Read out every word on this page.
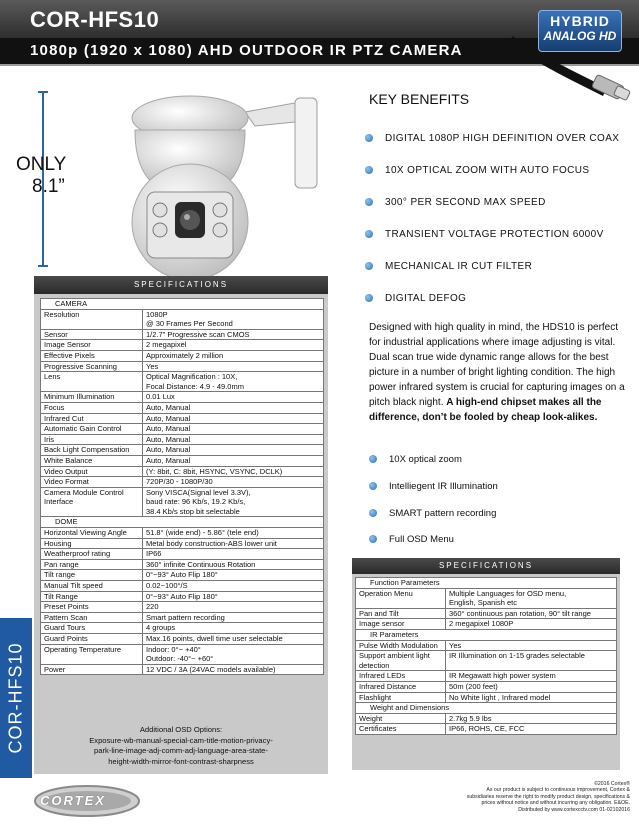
COR-HFS10
1080p (1920 x 1080) AHD OUTDOOR IR PTZ CAMERA
HYBRID
ANALOG HD
ONLY
8.1”
KEY BENEFITS
DIGITAL 1080P HIGH DEFINITION OVER COAX
10X OPTICAL ZOOM WITH AUTO FOCUS
300° PER SECOND MAX SPEED
TRANSIENT VOLTAGE PROTECTION 6000V
MECHANICAL IR CUT FILTER
DIGITAL DEFOG
Designed with high quality in mind, the HDS10 is perfect for industrial applications where image adjusting is vital. Dual scan true wide dynamic range allows for the best picture in a number of bright lighting condition. The high power infrared system is crucial for capturing images on a pitch black night. A high-end chipset makes all the difference, don’t be fooled by cheap look-alikes.
10X optical zoom
Intelliegent IR Illumination
SMART pattern recording
Full OSD Menu
SPECIFICATIONS
CAMERA	
Resolution	1080P
@ 30 Frames Per Second
Sensor	1/2.7" Progressive scan CMOS
Image Sensor	2 megapixel
Effective Pixels	Approximately 2 million
Progressive Scanning	Yes
Lens	Optical Magnification : 10X,
Focal Distance: 4.9 - 49.0mm
Minimum Illumination	0.01 Lux
Focus	Auto, Manual
Infrared Cut	Auto, Manual
Automatic Gain Control	Auto, Manual

Iris	Auto, Manual
Back Light Compensation	Auto, Manual
White Balance	Auto, Manual
Video Output	(Y: 8bit, C: 8bit, HSYNC, VSYNC, DCLK)
Video Format	720P/30 - 1080P/30
Camera Module Control
Interface	Sony VISCA(Signal level 3.3V),
baud rate: 96 Kb/s, 19.2 Kb/s,
38.4 Kb/s stop bit selectable
DOME	
Horizontal Viewing Angle	51.8° (wide end) - 5.86° (tele end)
Housing	Metal body construction-ABS lower unit
Weatherproof rating	IP66
Pan range	360° infinite Continuous Rotation
Tilt range	0°~93° Auto Flip 180°
Manual Tilt speed	0.02~100°/S
Tilt Range	0°~93° Auto Flip 180°
Preset Points	220
Pattern Scan	Smart pattern recording
Guard Tours	4 groups
Guard Points	Max.16 points, dwell time user selectable
Operating Temperature	Indoor: 0°~ +40°
Outdoor: -40°~ +60°
Power	12 VDC / 3A (24VAC models available)
Additional OSD Options:
Exposure-wb-manual-special-cam-title-motion-privacy-
park-line-image-adj-comm-adj-language-area-state-
height-width-mirror-font-contrast-sharpness
COR-HFS10
SPECIFICATIONS
Function Parameters	
Operation Menu	Multiple Languages for OSD menu,
English, Spanish etc

Pan and Tilt	360° continuous pan rotation, 90° tilt range
Image sensor	2 megapixel 1080P
IR Parameters	
Pulse Width Modulation	Yes
Support ambient light
detection	IR Illumination on 1-15 grades selectable
Infrared LEDs	IR Megawatt high power system
Infrared Distance	50m (200 feet)
Flashlight	No White light , Infrared model
Weight and Dimensions	
Weight	2.7kg 5.9 lbs
Certificates	IP66, ROHS, CE, FCC
CORTEX
©2016 Cortex®
As our product is subject to continuous improvement, Cortex &
subsidiaries reserve the right to modify product design, specifications &
prices without notice and without incurring any obligation. E&OE.
Distributed by www.cortexcctv.com 01-02102016
